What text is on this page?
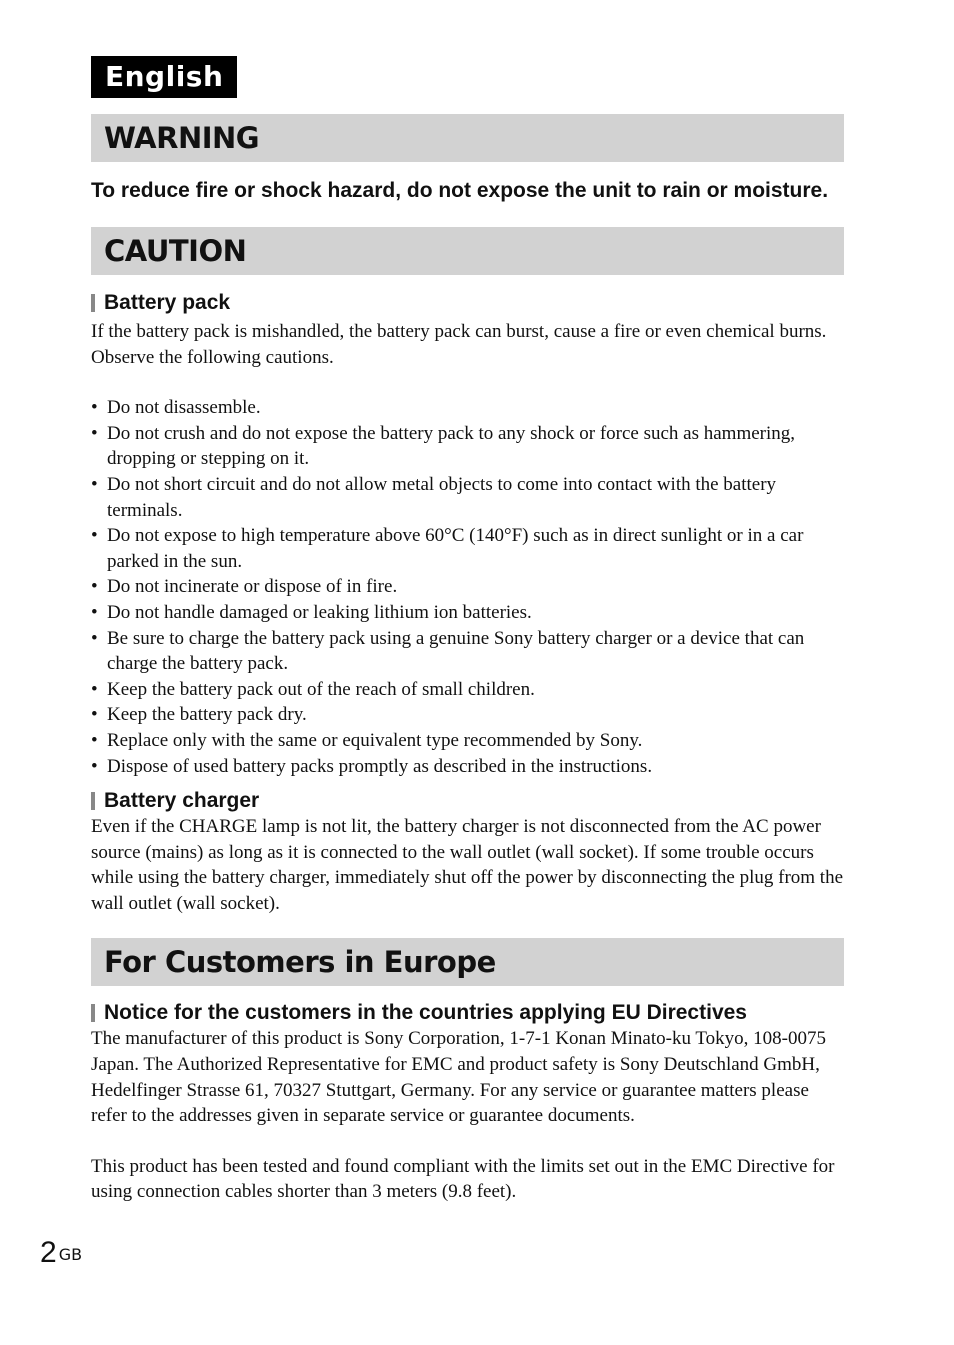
English
WARNING

To reduce fire or shock hazard, do not expose the unit to rain or moisture.

CAUTION
Battery pack

If the battery pack is mishandled, the battery pack can burst, cause a fire or even chemical burns. Observe the following cautions.

• Do not disassemble.
• Do not crush and do not expose the battery pack to any shock or force such as hammering, dropping or stepping on it.
• Do not short circuit and do not allow metal objects to come into contact with the battery terminals.
• Do not expose to high temperature above 60°C (140°F) such as in direct sunlight or in a car parked in the sun.
• Do not incinerate or dispose of in fire.
• Do not handle damaged or leaking lithium ion batteries.
• Be sure to charge the battery pack using a genuine Sony battery charger or a device that can charge the battery pack.
• Keep the battery pack out of the reach of small children.
• Keep the battery pack dry.
• Replace only with the same or equivalent type recommended by Sony.
• Dispose of used battery packs promptly as described in the instructions.
Battery charger

Even if the CHARGE lamp is not lit, the battery charger is not disconnected from the AC power source (mains) as long as it is connected to the wall outlet (wall socket). If some trouble occurs while using the battery charger, immediately shut off the power by disconnecting the plug from the wall outlet (wall socket).

For Customers in Europe
Notice for the customers in the countries applying EU Directives

The manufacturer of this product is Sony Corporation, 1-7-1 Konan Minato-ku Tokyo, 108-0075 Japan. The Authorized Representative for EMC and product safety is Sony Deutschland GmbH, Hedelfinger Strasse 61, 70327 Stuttgart, Germany. For any service or guarantee matters please refer to the addresses given in separate service or guarantee documents.

This product has been tested and found compliant with the limits set out in the EMC Directive for using connection cables shorter than 3 meters (9.8 feet).

2 GB
